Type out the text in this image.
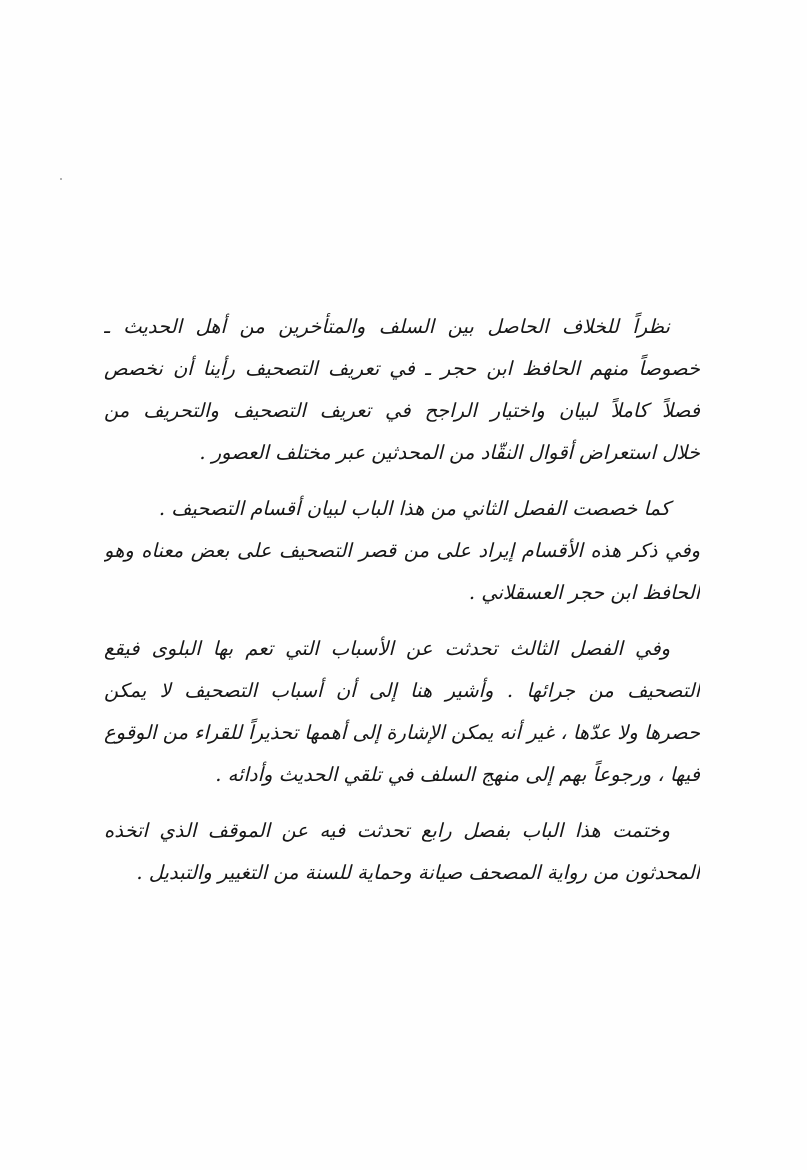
نظراً للخلاف الحاصل بين السلف والمتأخرين من أهل الحديث ـ
خصوصاً منهم الحافظ ابن حجر ـ في تعريف التصحيف رأينا أن نخصص
فصلاً كاملاً لبيان واختيار الراجح في تعريف التصحيف والتحريف من
خلال استعراض أقوال النقّاد من المحدثين عبر مختلف العصور .
كما خصصت الفصل الثاني من هذا الباب لبيان أقسام التصحيف .
وفي ذكر هذه الأقسام إيراد على من قصر التصحيف على بعض معناه وهو
الحافظ ابن حجر العسقلاني .
وفي الفصل الثالث تحدثت عن الأسباب التي تعم بها البلوى فيقع
التصحيف من جرائها . وأشير هنا إلى أن أسباب التصحيف لا يمكن
حصرها ولا عدّها ، غير أنه يمكن الإشارة إلى أهمها تحذيراً للقراء من الوقوع
فيها ، ورجوعاً بهم إلى منهج السلف في تلقي الحديث وأدائه .
وختمت هذا الباب بفصل رابع تحدثت فيه عن الموقف الذي اتخذه
المحدثون من رواية المصحف صيانة وحماية للسنة من التغيير والتبديل .
